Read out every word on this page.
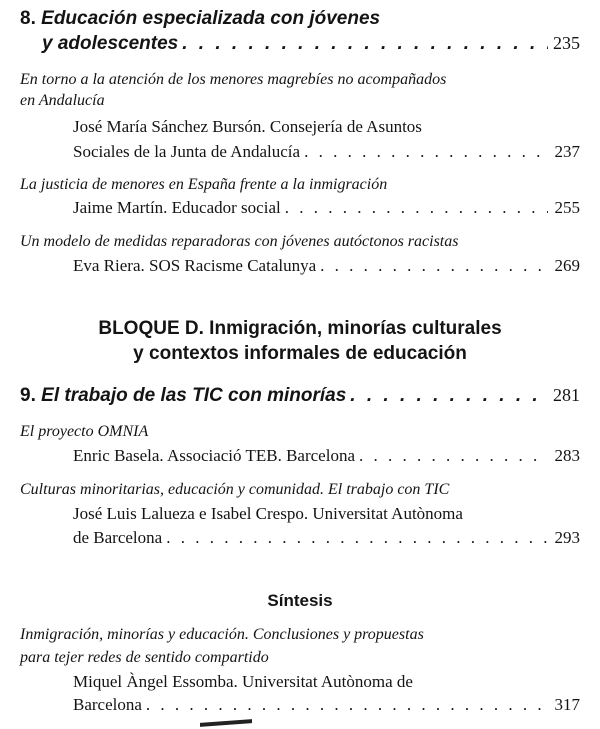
8.
Educación especializada con jóvenes
y adolescentes . . .	235
En torno a la atención de los menores magrebíes no acompañados
en Andalucía
José María Sánchez Bursón. Consejería de Asuntos
Sociales de la Junta de Andalucía . . .	237
La justicia de menores en España frente a la inmigración
Jaime Martín. Educador social . . .	255
Un modelo de medidas reparadoras con jóvenes autóctonos racistas
Eva Riera. SOS Racisme Catalunya . . .	269
BLOQUE D. Inmigración, minorías culturales
y contextos informales de educación
9.
El trabajo de las TIC con minorías . . .	281
El proyecto OMNIA
Enric Basela. Associació TEB. Barcelona . . .	283
Culturas minoritarias, educación y comunidad. El trabajo con TIC
José Luis Lalueza e Isabel Crespo. Universitat Autònoma
de Barcelona . . .	293
Síntesis
Inmigración, minorías y educación. Conclusiones y propuestas
para tejer redes de sentido compartido
Miquel Àngel Essomba. Universitat Autònoma de
Barcelona . . .	317
